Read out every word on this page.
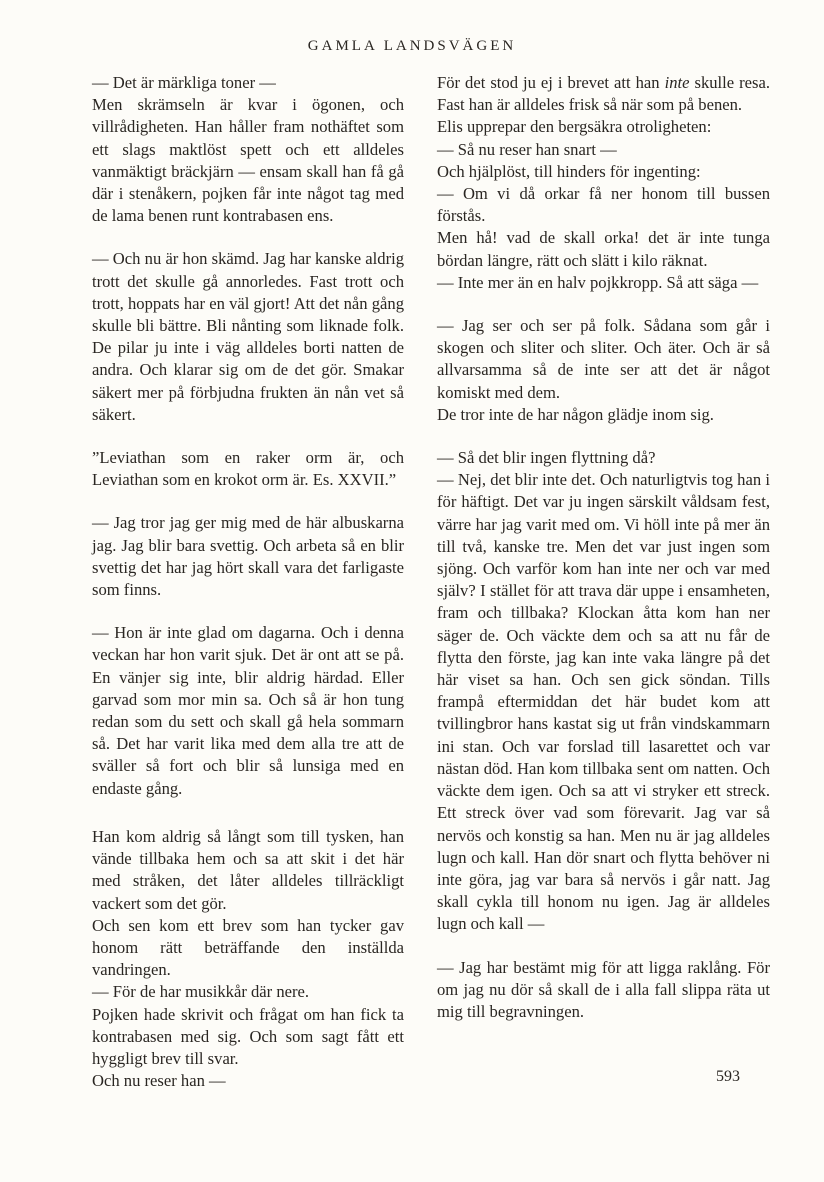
GAMLA LANDSVÄGEN

— Det är märkliga toner —

Men skrämseln är kvar i ögonen, och villrådigheten. Han håller fram nothäftet som ett slags maktlöst spett och ett alldeles vanmäktigt bräckjärn — ensam skall han få gå där i stenåkern, pojken får inte något tag med de lama benen runt kontrabasen ens.

— Och nu är hon skämd. Jag har kanske aldrig trott det skulle gå annorledes. Fast trott och trott, hoppats har en väl gjort! Att det nån gång skulle bli bättre. Bli nånting som liknade folk. De pilar ju inte i väg alldeles borti natten de andra. Och klarar sig om de det gör. Smakar säkert mer på förbjudna frukten än nån vet så säkert.

”Leviathan som en raker orm är, och Leviathan som en krokot orm är. Es. XXVII.”

— Jag tror jag ger mig med de här albuskarna jag. Jag blir bara svettig. Och arbeta så en blir svettig det har jag hört skall vara det farligaste som finns.

— Hon är inte glad om dagarna. Och i denna veckan har hon varit sjuk. Det är ont att se på. En vänjer sig inte, blir aldrig härdad. Eller garvad som mor min sa. Och så är hon tung redan som du sett och skall gå hela sommarn så. Det har varit lika med dem alla tre att de sväller så fort och blir så lunsiga med en endaste gång.

Han kom aldrig så långt som till tysken, han vände tillbaka hem och sa att skit i det här med stråken, det låter alldeles tillräckligt vackert som det gör.

Och sen kom ett brev som han tycker gav honom rätt beträffande den inställda vandringen.

— För de har musikkår där nere.

Pojken hade skrivit och frågat om han fick ta kontrabasen med sig. Och som sagt fått ett hyggligt brev till svar.

Och nu reser han —

För det stod ju ej i brevet att han inte skulle resa. Fast han är alldeles frisk så när som på benen.

Elis upprepar den bergsäkra otroligheten:

— Så nu reser han snart —

Och hjälplöst, till hinders för ingenting:

— Om vi då orkar få ner honom till bussen förstås.

Men hå! vad de skall orka! det är inte tunga bördan längre, rätt och slätt i kilo räknat.

— Inte mer än en halv pojkkropp. Så att säga —

— Jag ser och ser på folk. Sådana som går i skogen och sliter och sliter. Och äter. Och är så allvarsamma så de inte ser att det är något komiskt med dem.

De tror inte de har någon glädje inom sig.

— Så det blir ingen flyttning då?

— Nej, det blir inte det. Och naturligtvis tog han i för häftigt. Det var ju ingen särskilt våldsam fest, värre har jag varit med om. Vi höll inte på mer än till två, kanske tre. Men det var just ingen som sjöng. Och varför kom han inte ner och var med själv? I stället för att trava där uppe i ensamheten, fram och tillbaka? Klockan åtta kom han ner säger de. Och väckte dem och sa att nu får de flytta den förste, jag kan inte vaka längre på det här viset sa han. Och sen gick söndan. Tills frampå eftermiddan det här budet kom att tvillingbror hans kastat sig ut från vindskammarn ini stan. Och var forslad till lasarettet och var nästan död. Han kom tillbaka sent om natten. Och väckte dem igen. Och sa att vi stryker ett streck. Ett streck över vad som förevarit. Jag var så nervös och konstig sa han. Men nu är jag alldeles lugn och kall. Han dör snart och flytta behöver ni inte göra, jag var bara så nervös i går natt. Jag skall cykla till honom nu igen. Jag är alldeles lugn och kall —

— Jag har bestämt mig för att ligga raklång. För om jag nu dör så skall de i alla fall slippa räta ut mig till begravningen.

593
